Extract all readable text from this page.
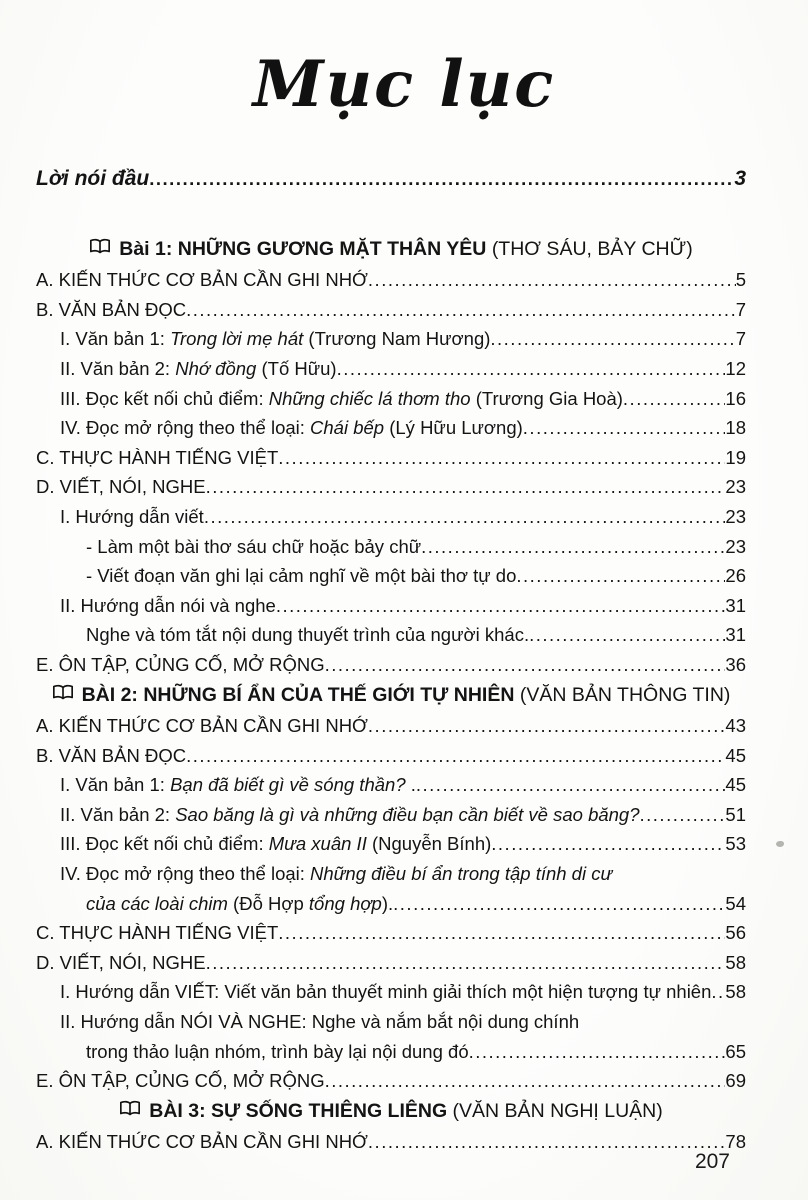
Mục lục
Lời nói đầu .....	3
Bài 1: NHỮNG GƯƠNG MẶT THÂN YÊU (THƠ SÁU, BẢY CHỮ)
A. KIẾN THỨC CƠ BẢN CẦN GHI NHỚ .....	5
B. VĂN BẢN ĐỌC .....	7
I. Văn bản 1: Trong lời mẹ hát (Trương Nam Hương) .....	7
II. Văn bản 2: Nhớ đồng (Tố Hữu) .....	12
III. Đọc kết nối chủ điểm: Những chiếc lá thơm tho (Trương Gia Hoà) .....	16
IV. Đọc mở rộng theo thể loại: Chái bếp (Lý Hữu Lương) .....	18
C. THỰC HÀNH TIẾNG VIỆT .....	19
D. VIẾT, NÓI, NGHE .....	23
I. Hướng dẫn viết .....	23
- Làm một bài thơ sáu chữ hoặc bảy chữ .....	23
- Viết đoạn văn ghi lại cảm nghĩ về một bài thơ tự do .....	26
II. Hướng dẫn nói và nghe .....	31
Nghe và tóm tắt nội dung thuyết trình của người khác. .....	31
E. ÔN TẬP, CỦNG CỐ, MỞ RỘNG .....	36
BÀI 2: NHỮNG BÍ ẨN CỦA THẾ GIỚI TỰ NHIÊN (VĂN BẢN THÔNG TIN)
A. KIẾN THỨC CƠ BẢN CẦN GHI NHỚ .....	43
B. VĂN BẢN ĐỌC .....	45
I. Văn bản 1: Bạn đã biết gì về sóng thần? . .....	45
II. Văn bản 2: Sao băng là gì và những điều bạn cần biết về sao băng? .....	51
III. Đọc kết nối chủ điểm: Mưa xuân II (Nguyễn Bính) .....	53
IV. Đọc mở rộng theo thể loại: Những điều bí ẩn trong tập tính di cư
của các loài chim (Đỗ Hợp tổng hợp). .....	54
C. THỰC HÀNH TIẾNG VIỆT .....	56
D. VIẾT, NÓI, NGHE .....	58
I. Hướng dẫn VIẾT: Viết văn bản thuyết minh giải thích một hiện tượng tự nhiên ..... 58
II. Hướng dẫn NÓI VÀ NGHE: Nghe và nắm bắt nội dung chính
trong thảo luận nhóm, trình bày lại nội dung đó .....	65
E. ÔN TẬP, CỦNG CỐ, MỞ RỘNG .....	69
BÀI 3: SỰ SỐNG THIÊNG LIÊNG (VĂN BẢN NGHỊ LUẬN)
A. KIẾN THỨC CƠ BẢN CẦN GHI NHỚ .....	78
207
